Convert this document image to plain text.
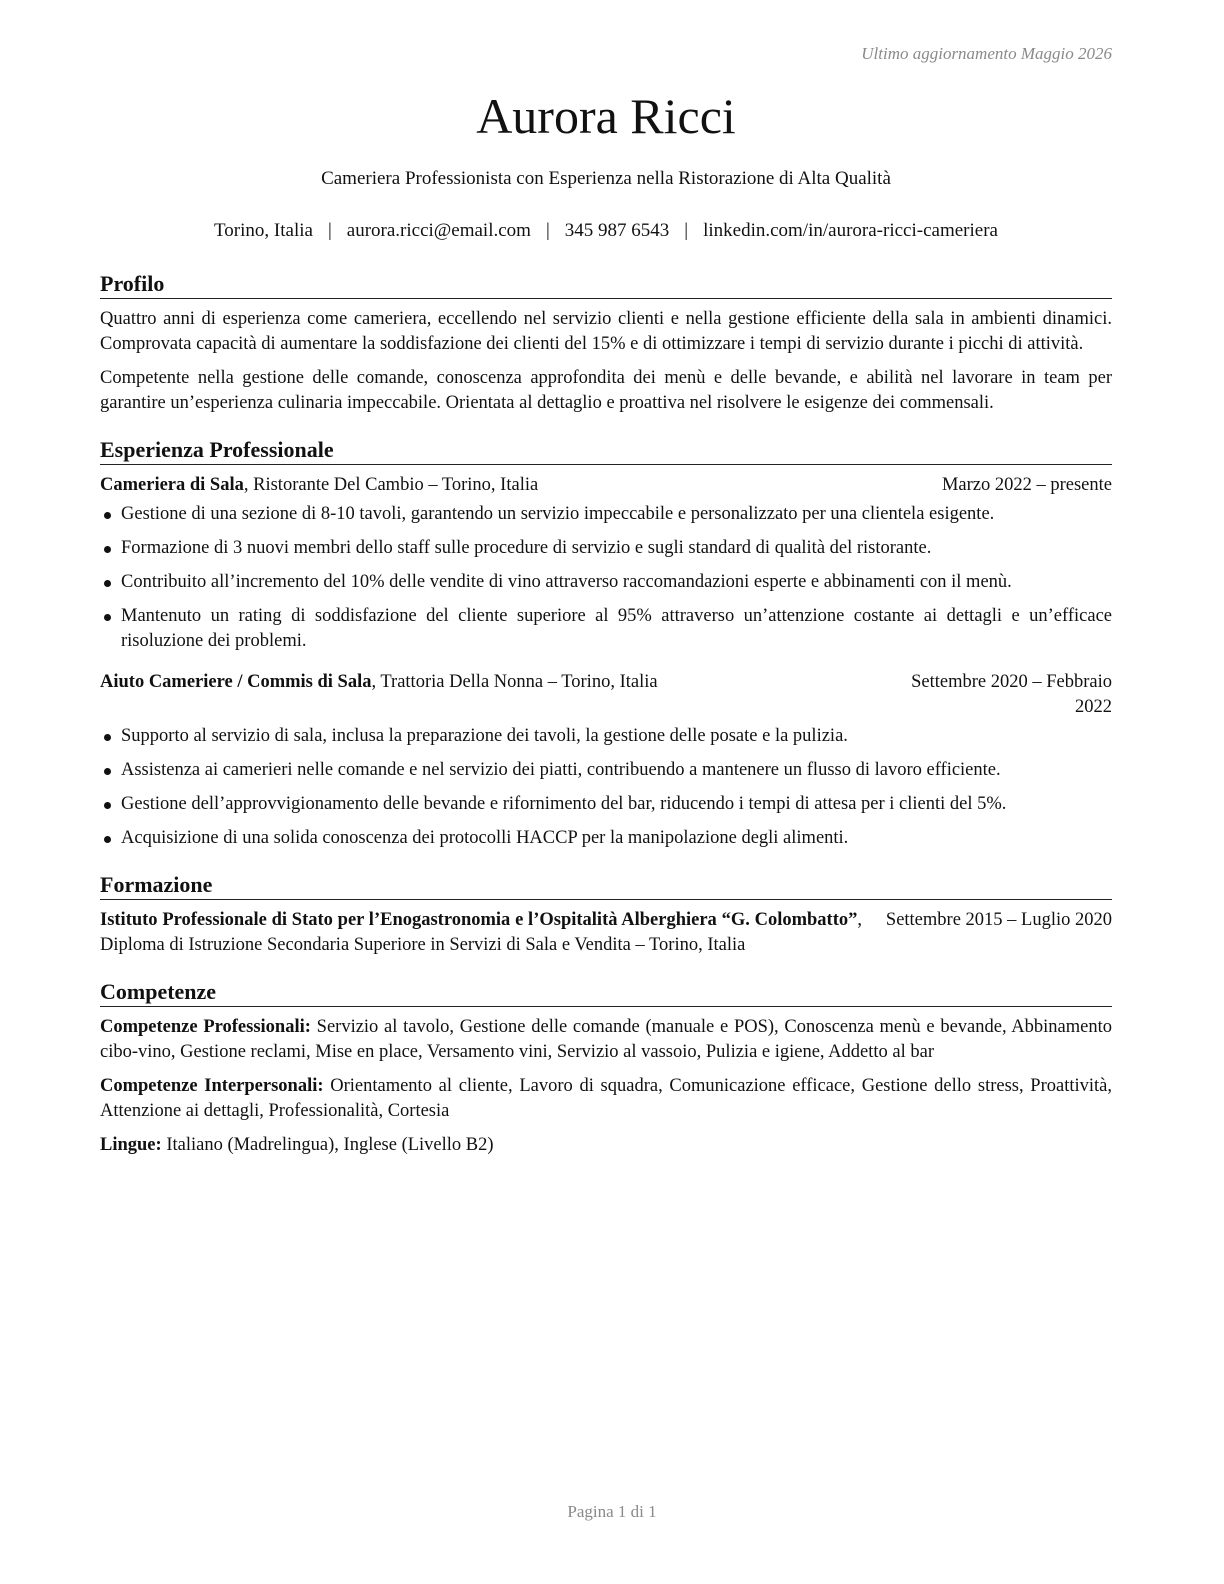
Ultimo aggiornamento Maggio 2026
Aurora Ricci
Cameriera Professionista con Esperienza nella Ristorazione di Alta Qualità
Torino, Italia | aurora.ricci@email.com | 345 987 6543 | linkedin.com/in/aurora-ricci-cameriera
Profilo

Quattro anni di esperienza come cameriera, eccellendo nel servizio clienti e nella gestione efficiente della sala in ambienti dinamici. Comprovata capacità di aumentare la soddisfazione dei clienti del 15% e di ottimizzare i tempi di servizio durante i picchi di attività.

Competente nella gestione delle comande, conoscenza approfondita dei menù e delle bevande, e abilità nel lavorare in team per garantire un’esperienza culinaria impeccabile. Orientata al dettaglio e proattiva nel risolvere le esigenze dei commensali.

Esperienza Professionale
Cameriera di Sala, Ristorante Del Cambio – Torino, Italia	Marzo 2022 – presente
Gestione di una sezione di 8-10 tavoli, garantendo un servizio impeccabile e personalizzato per una clientela esigente.
Formazione di 3 nuovi membri dello staff sulle procedure di servizio e sugli standard di qualità del ristorante.
Contribuito all’incremento del 10% delle vendite di vino attraverso raccomandazioni esperte e abbinamenti con il menù.
Mantenuto un rating di soddisfazione del cliente superiore al 95% attraverso un’attenzione costante ai dettagli e un’efficace risoluzione dei problemi.
Aiuto Cameriere / Commis di Sala, Trattoria Della Nonna – Torino, Italia	Settembre 2020 – Febbraio 2022
Supporto al servizio di sala, inclusa la preparazione dei tavoli, la gestione delle posate e la pulizia.
Assistenza ai camerieri nelle comande e nel servizio dei piatti, contribuendo a mantenere un flusso di lavoro efficiente.
Gestione dell’approvvigionamento delle bevande e rifornimento del bar, riducendo i tempi di attesa per i clienti del 5%.
Acquisizione di una solida conoscenza dei protocolli HACCP per la manipolazione degli alimenti.
Formazione
Istituto Professionale di Stato per l’Enogastronomia e l’Ospitalità Alberghiera “G. Colombatto”, Diploma di Istruzione Secondaria Superiore in Servizi di Sala e Vendita – Torino, Italia
Settembre 2015 – Luglio 2020
Competenze

Competenze Professionali: Servizio al tavolo, Gestione delle comande (manuale e POS), Conoscenza menù e bevande, Abbinamento cibo-vino, Gestione reclami, Mise en place, Versamento vini, Servizio al vassoio, Pulizia e igiene, Addetto al bar

Competenze Interpersonali: Orientamento al cliente, Lavoro di squadra, Comunicazione efficace, Gestione dello stress, Proattività, Attenzione ai dettagli, Professionalità, Cortesia

Lingue: Italiano (Madrelingua), Inglese (Livello B2)

Pagina 1 di 1
